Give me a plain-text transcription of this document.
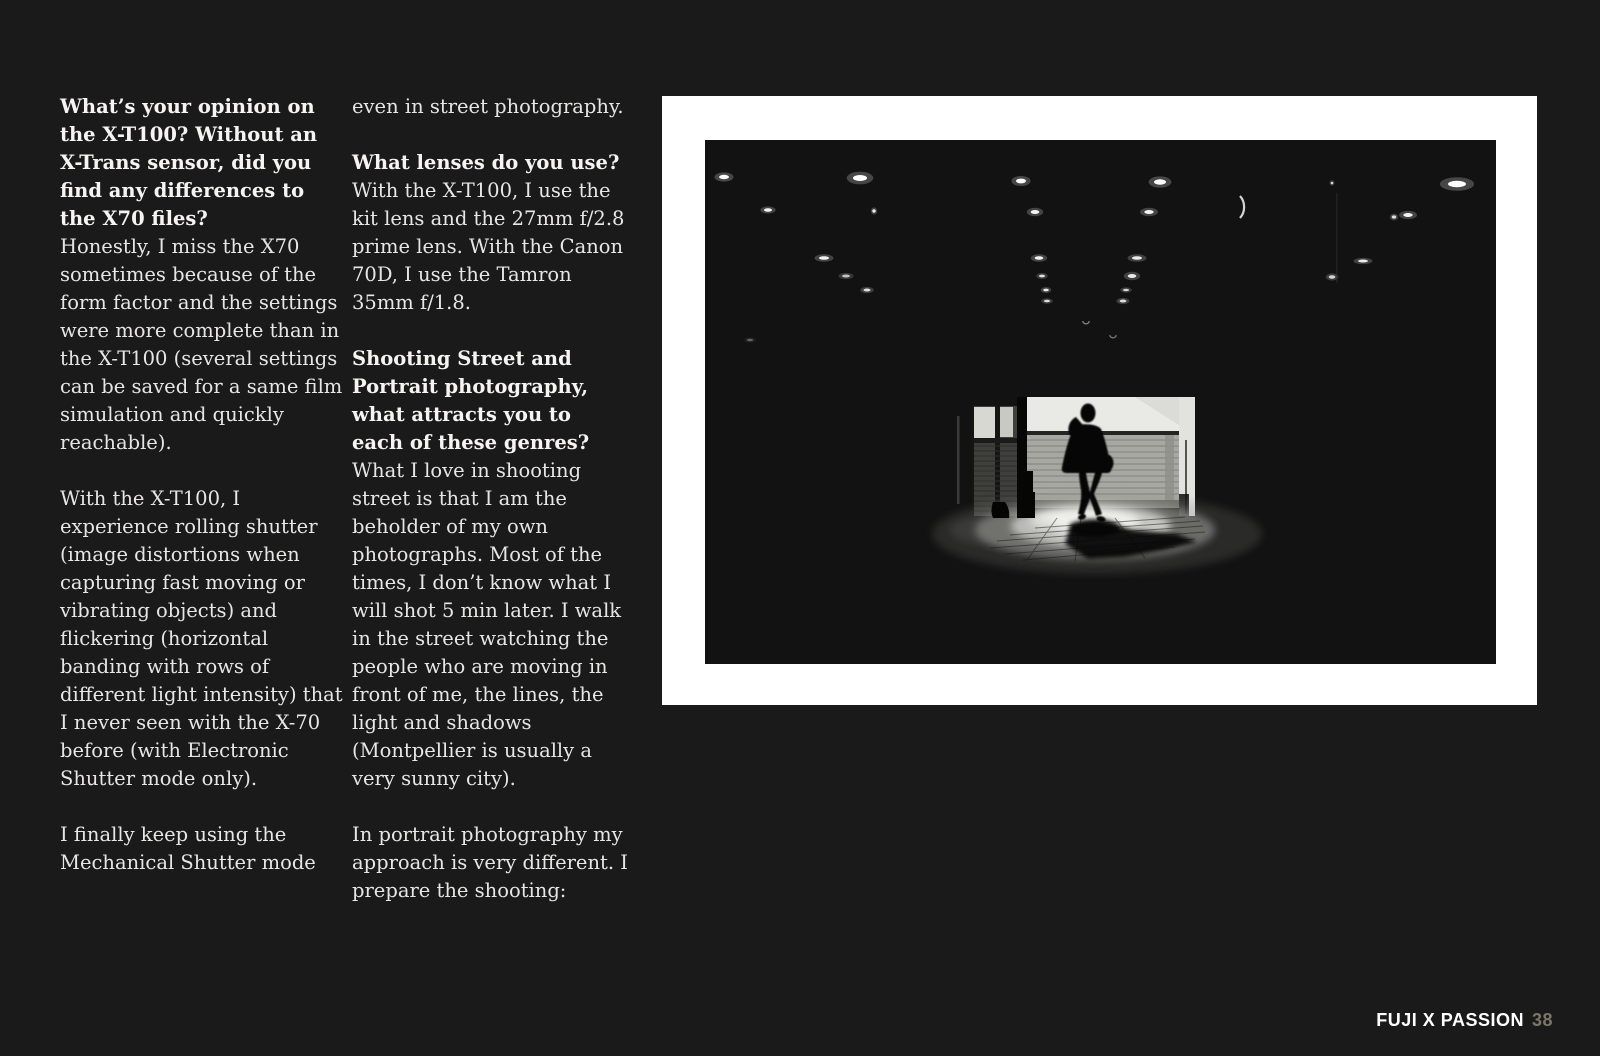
What’s your opinion on the X-T100? Without an X-Trans sensor, did you find any differences to the X70 files?

Honestly, I miss the X70 sometimes because of the form factor and the settings were more complete than in the X-T100 (several settings can be saved for a same film simulation and quickly reachable).

With the X-T100, I experience rolling shutter (image distortions when capturing fast moving or vibrating objects) and flickering (horizontal banding with rows of different light intensity) that I never seen with the X-70 before (with Electronic Shutter mode only).

I finally keep using the Mechanical Shutter mode

even in street photography.

What lenses do you use?

With the X-T100, I use the kit lens and the 27mm f/2.8 prime lens. With the Canon 70D, I use the Tamron 35mm f/1.8.

Shooting Street and Portrait photography, what attracts you to each of these genres?

What I love in shooting street is that I am the beholder of my own photographs. Most of the times, I don’t know what I will shot 5 min later. I walk in the street watching the people who are moving in front of me, the lines, the light and shadows (Montpellier is usually a very sunny city).

In portrait photography my approach is very different. I prepare the shooting:

FUJI X PASSION 38
